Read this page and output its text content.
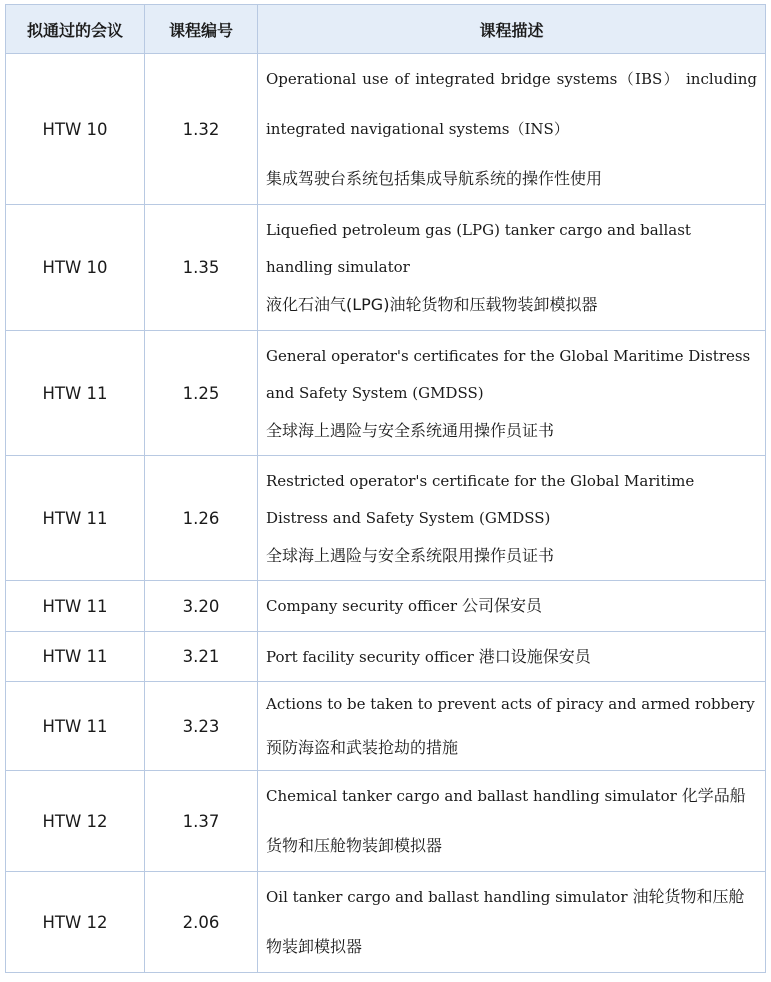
拟通过的会议	课程编号	课程描述
HTW 10	1.32	Operational use of integrated bridge systems（IBS） including integrated navigational systems（INS）
集成驾驶台系统包括集成导航系统的操作性使用

HTW 10	1.35	Liquefied petroleum gas (LPG) tanker cargo and ballast handling simulator
液化石油气(LPG)油轮货物和压载物装卸模拟器

HTW 11	1.25	General operator's certificates for the Global Maritime Distress and Safety System (GMDSS)
全球海上遇险与安全系统通用操作员证书

HTW 11	1.26	Restricted operator's certificate for the Global Maritime Distress and Safety System (GMDSS)
全球海上遇险与安全系统限用操作员证书

HTW 11	3.20	Company security officer 公司保安员
HTW 11	3.21	Port facility security officer 港口设施保安员
HTW 11	3.23	Actions to be taken to prevent acts of piracy and armed robbery
预防海盗和武装抢劫的措施

HTW 12	1.37	Chemical tanker cargo and ballast handling simulator 化学品船货物和压舱物装卸模拟器
HTW 12	2.06	Oil tanker cargo and ballast handling simulator 油轮货物和压舱物装卸模拟器
